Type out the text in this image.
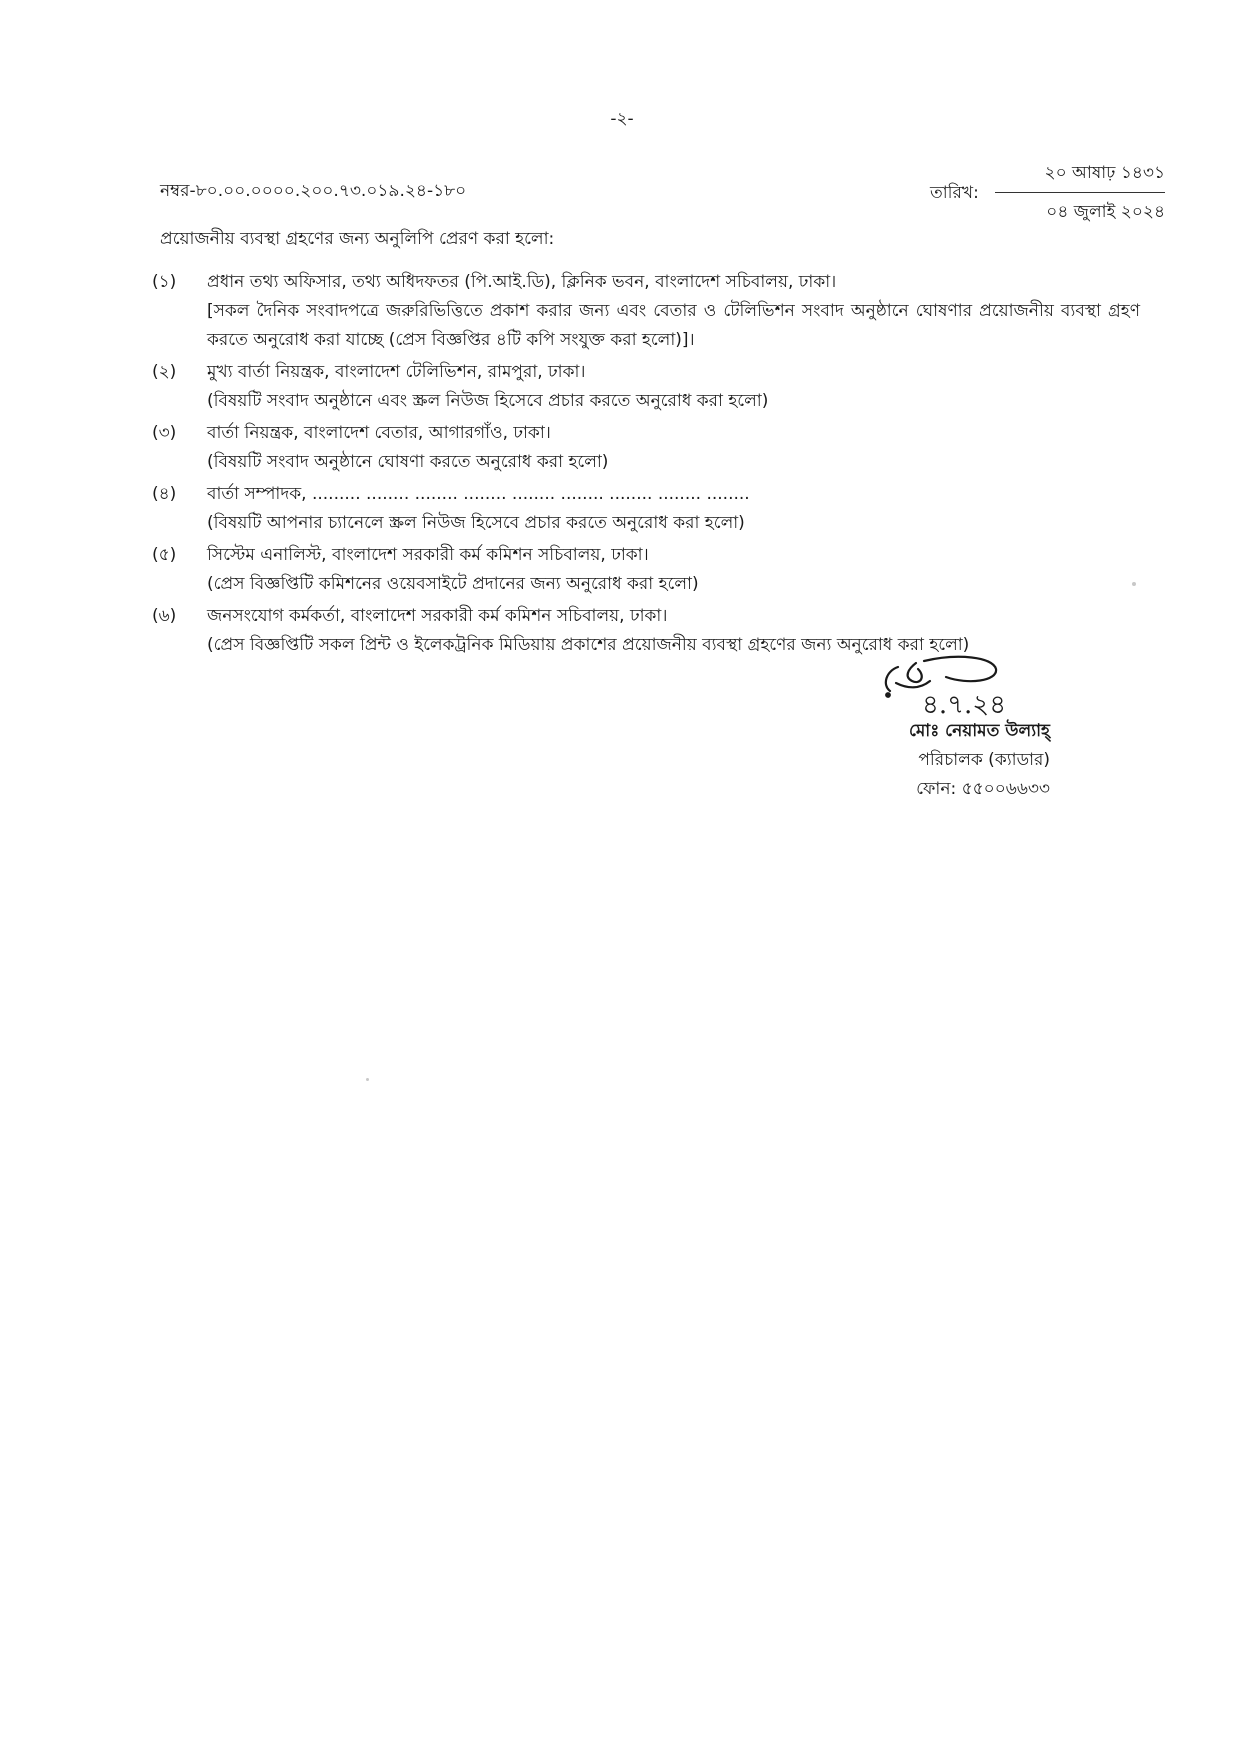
-২-
নম্বর-৮০.০০.০০০০.২০০.৭৩.০১৯.২৪-১৮০	তারিখ:
২০ আষাঢ় ১৪৩১
০৪ জুলাই ২০২৪
প্রয়োজনীয় ব্যবস্থা গ্রহণের জন্য অনুলিপি প্রেরণ করা হলো:
(১)	প্রধান তথ্য অফিসার, তথ্য অধিদফতর (পি.আই.ডি), ক্লিনিক ভবন, বাংলাদেশ সচিবালয়, ঢাকা।
[সকল দৈনিক সংবাদপত্রে জরুরিভিত্তিতে প্রকাশ করার জন্য এবং বেতার ও টেলিভিশন সংবাদ অনুষ্ঠানে ঘোষণার প্রয়োজনীয় ব্যবস্থা গ্রহণ করতে অনুরোধ করা যাচ্ছে (প্রেস বিজ্ঞপ্তির ৪টি কপি সংযুক্ত করা হলো)]।
(২)	মুখ্য বার্তা নিয়ন্ত্রক, বাংলাদেশ টেলিভিশন, রামপুরা, ঢাকা।
(বিষয়টি সংবাদ অনুষ্ঠানে এবং স্ক্রল নিউজ হিসেবে প্রচার করতে অনুরোধ করা হলো)
(৩)	বার্তা নিয়ন্ত্রক, বাংলাদেশ বেতার, আগারগাঁও, ঢাকা।
(বিষয়টি সংবাদ অনুষ্ঠানে ঘোষণা করতে অনুরোধ করা হলো)
(৪)	বার্তা সম্পাদক, ......... ........ ........ ........ ........ ........ ........ ........ ........
(বিষয়টি আপনার চ্যানেলে স্ক্রল নিউজ হিসেবে প্রচার করতে অনুরোধ করা হলো)
(৫)	সিস্টেম এনালিস্ট, বাংলাদেশ সরকারী কর্ম কমিশন সচিবালয়, ঢাকা।
(প্রেস বিজ্ঞপ্তিটি কমিশনের ওয়েবসাইটে প্রদানের জন্য অনুরোধ করা হলো)
(৬)	জনসংযোগ কর্মকর্তা, বাংলাদেশ সরকারী কর্ম কমিশন সচিবালয়, ঢাকা।
(প্রেস বিজ্ঞপ্তিটি সকল প্রিন্ট ও ইলেকট্রনিক মিডিয়ায় প্রকাশের প্রয়োজনীয় ব্যবস্থা গ্রহণের জন্য অনুরোধ করা হলো)
৪.৭.২৪
মোঃ নেয়ামত উল্যাহ্
পরিচালক (ক্যাডার)
ফোন: ৫৫০০৬৬৩৩
